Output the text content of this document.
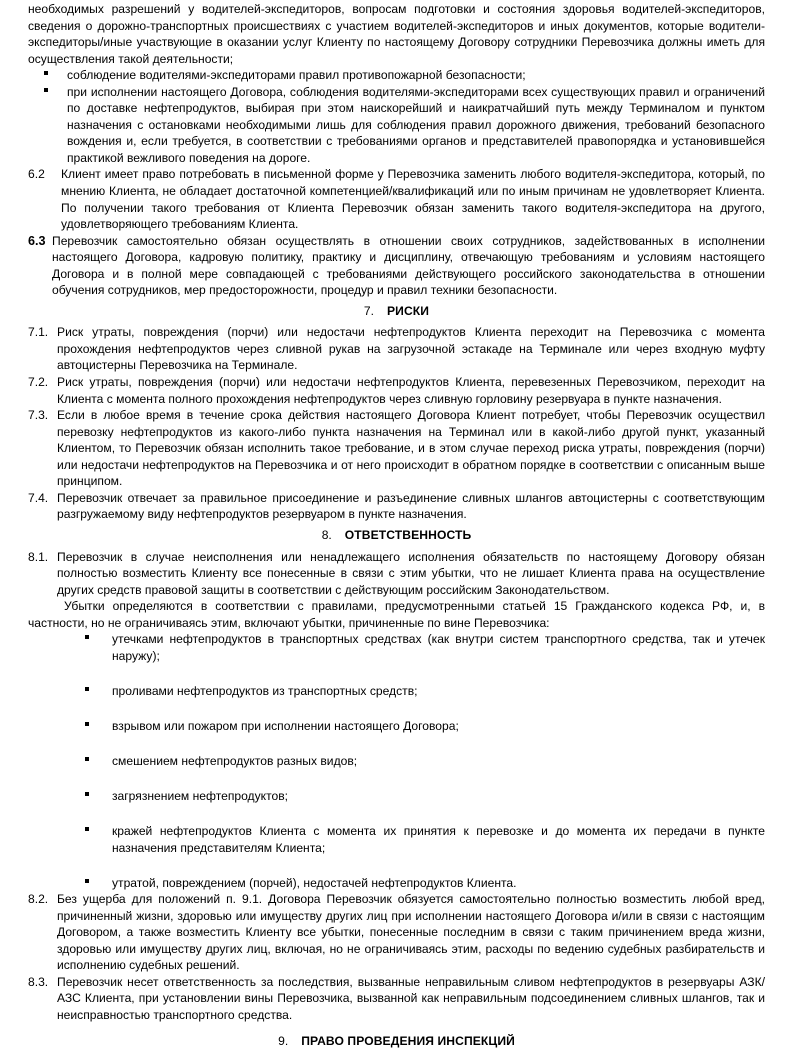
необходимых разрешений у водителей-экспедиторов, вопросам подготовки и состояния здоровья водителей-экспедиторов, сведения о дорожно-транспортных происшествиях с участием водителей-экспедиторов и иных документов, которые водители-экспедиторы/иные участвующие в оказании услуг Клиенту по настоящему Договору сотрудники Перевозчика должны иметь для осуществления такой деятельности;

соблюдение водителями-экспедиторами правил противопожарной безопасности;
при исполнении настоящего Договора, соблюдения водителями-экспедиторами всех существующих правил и ограничений по доставке нефтепродуктов, выбирая при этом наискорейший и наикратчайший путь между Терминалом и пунктом назначения с остановками необходимыми лишь для соблюдения правил дорожного движения, требований безопасного вождения и, если требуется, в соответствии с требованиями органов и представителей правопорядка и установившейся практикой вежливого поведения на дороге.
6.2	Клиент имеет право потребовать в письменной форме у Перевозчика заменить любого водителя-экспедитора, который, по мнению Клиента, не обладает достаточной компетенцией/квалификаций или по иным причинам не удовлетворяет Клиента. По получении такого требования от Клиента Перевозчик обязан заменить такого водителя-экспедитора на другого, удовлетворяющего требованиям Клиента.
6.3 Перевозчик самостоятельно обязан осуществлять в отношении своих сотрудников, задействованных в исполнении настоящего Договора, кадровую политику, практику и дисциплину, отвечающую требованиям и условиям настоящего Договора и в полной мере совпадающей с требованиями действующего российского законодательства в отношении обучения сотрудников, мер предосторожности, процедур и правил техники безопасности.
7. РИСКИ
7.1. Риск утраты, повреждения (порчи) или недостачи нефтепродуктов Клиента переходит на Перевозчика с момента прохождения нефтепродуктов через сливной рукав на загрузочной эстакаде на Терминале или через входную муфту автоцистерны Перевозчика на Терминале.
7.2. Риск утраты, повреждения (порчи) или недостачи нефтепродуктов Клиента, перевезенных Перевозчиком, переходит на Клиента с момента полного прохождения нефтепродуктов через сливную горловину резервуара в пункте назначения.
7.3. Если в любое время в течение срока действия настоящего Договора Клиент потребует, чтобы Перевозчик осуществил перевозку нефтепродуктов из какого-либо пункта назначения на Терминал или в какой-либо другой пункт, указанный Клиентом, то Перевозчик обязан исполнить такое требование, и в этом случае переход риска утраты, повреждения (порчи) или недостачи нефтепродуктов на Перевозчика и от него происходит в обратном порядке в соответствии с описанным выше принципом.
7.4. Перевозчик отвечает за правильное присоединение и разъединение сливных шлангов автоцистерны с соответствующим разгружаемому виду нефтепродуктов резервуаром в пункте назначения.
8. ОТВЕТСТВЕННОСТЬ
8.1. Перевозчик в случае неисполнения или ненадлежащего исполнения обязательств по настоящему Договору обязан полностью возместить Клиенту все понесенные в связи с этим убытки, что не лишает Клиента права на осуществление других средств правовой защиты в соответствии с действующим российским Законодательством.

Убытки определяются в соответствии с правилами, предусмотренными статьей 15 Гражданского кодекса РФ, и, в частности, но не ограничиваясь этим, включают убытки, причиненные по вине Перевозчика:

утечками нефтепродуктов в транспортных средствах (как внутри систем транспортного средства, так и утечек наружу);
проливами нефтепродуктов из транспортных средств;
взрывом или пожаром при исполнении настоящего Договора;
смешением нефтепродуктов разных видов;
загрязнением нефтепродуктов;
кражей нефтепродуктов Клиента с момента их принятия к перевозке и до момента их передачи в пункте назначения представителям Клиента;
утратой, повреждением (порчей), недостачей нефтепродуктов Клиента.
8.2. Без ущерба для положений п. 9.1. Договора Перевозчик обязуется самостоятельно полностью возместить любой вред, причиненный жизни, здоровью или имуществу других лиц при исполнении настоящего Договора и/или в связи с настоящим Договором, а также возместить Клиенту все убытки, понесенные последним в связи с таким причинением вреда жизни, здоровью или имуществу других лиц, включая, но не ограничиваясь этим, расходы по ведению судебных разбирательств и исполнению судебных решений.
8.3. Перевозчик несет ответственность за последствия, вызванные неправильным сливом нефтепродуктов в резервуары АЗК/АЗС Клиента, при установлении вины Перевозчика, вызванной как неправильным подсоединением сливных шлангов, так и неисправностью транспортного средства.
9. ПРАВО ПРОВЕДЕНИЯ ИНСПЕКЦИЙ
